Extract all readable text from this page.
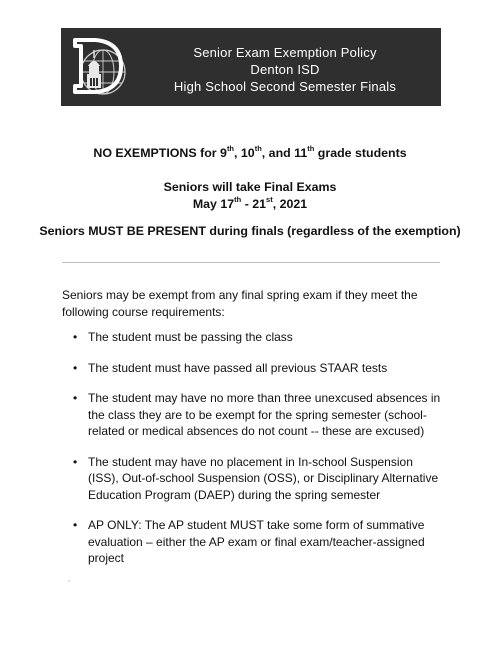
Senior Exam Exemption Policy
Denton ISD
High School Second Semester Finals
NO EXEMPTIONS for 9th, 10th, and 11th grade students
Seniors will take Final Exams
May 17th - 21st, 2021
Seniors MUST BE PRESENT during finals (regardless of the exemption)
Seniors may be exempt from any final spring exam if they meet the following course requirements:
• The student must be passing the class
• The student must have passed all previous STAAR tests
• The student may have no more than three unexcused absences in the class they are to be exempt for the spring semester (school-related or medical absences do not count -- these are excused)
• The student may have no placement in In-school Suspension (ISS), Out-of-school Suspension (OSS), or Disciplinary Alternative Education Program (DAEP) during the spring semester
• AP ONLY: The AP student MUST take some form of summative evaluation – either the AP exam or final exam/teacher-assigned project
